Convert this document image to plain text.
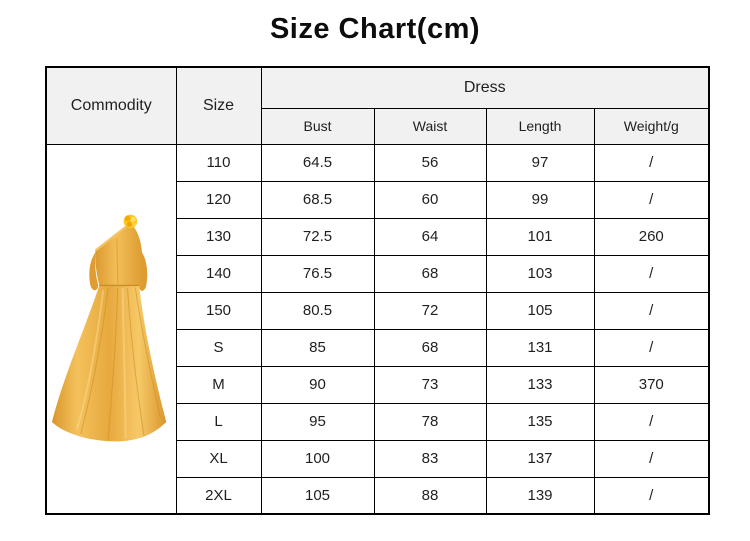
Size Chart(cm)
Commodity	Size	Dress			
		Bust	Waist	Length	Weight/g

	110	64.5	56	97	/
	120	68.5	60	99	/
	130	72.5	64	101	260
	140	76.5	68	103	/
	150	80.5	72	105	/
	S	85	68	131	/
	M	90	73	133	370
	L	95	78	135	/
	XL	100	83	137	/
	2XL	105	88	139	/
